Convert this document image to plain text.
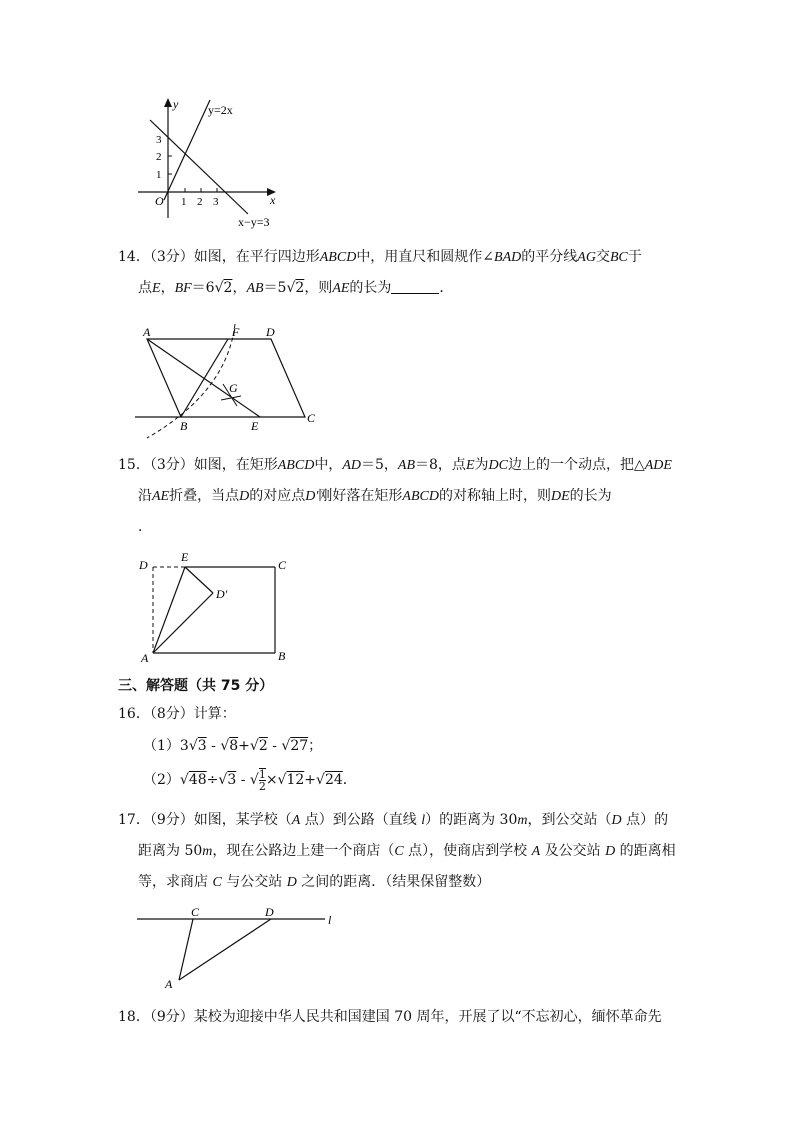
y
x
O
y=2x
x−y=3
3
2
1
1 2 3
14．（3分）如图，在平行四边形ABCD中，用直尺和圆规作∠BAD的平分线AG交BC于
点E，BF＝6√2，AB＝5√2，则AE的长为	．
A	F D
G
B	E
C
15．（3分）如图，在矩形ABCD中，AD＝5，AB＝8，点E为DC边上的一个动点，把△ADE
沿AE折叠，当点D的对应点D′刚好落在矩形ABCD的对称轴上时，则DE的长为
．
D
E
C
D′
A	B
三、解答题（共 75 分）
16．（8分）计算：
（1）3√3 - √8+√2 - √27；
（2）√48÷√3 - √ $\frac{1}{2} \times√12+√24$．
17．（9分）如图，某学校（A 点）到公路（直线 l）的距离为 30m，到公交站（D 点）的
距离为 50m，现在公路边上建一个商店（C 点），使商店到学校 A 及公交站 D 的距离相
等，求商店 C 与公交站 D 之间的距离．（结果保留整数）
C	D
l
A
18．（9分）某校为迎接中华人民共和国建国 70 周年，开展了以“不忘初心，缅怀革命先
